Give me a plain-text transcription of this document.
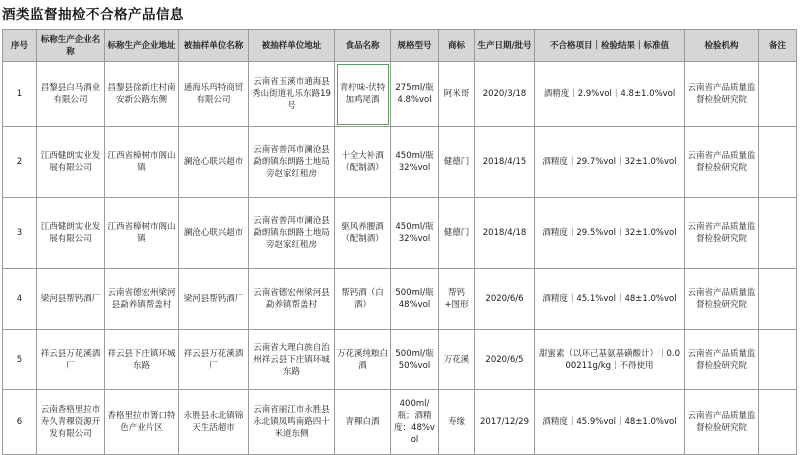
酒类监督抽检不合格产品信息
序号	标称生产企业名称	标称生产企业地址	被抽样单位名称	被抽样单位地址	食品名称	规格型号	商标	生产日期/批号	不合格项目｜检验结果｜标准值	检验机构	备注
1	昌黎县白马酒业有限公司	昌黎县徐新庄村南安新公路东侧	通海乐玛特商贸有限公司	云南省玉溪市通海县秀山街道礼乐东路19号	青柠味-伏特加鸡尾酒	275ml/瓶4.8%vol	阿米哥	2020/3/18	酒精度｜2.9%vol｜4.8±1.0%vol	云南省产品质量监督检验研究院	
2	江西健朗实业发展有限公司	江西省樟树市阁山镇	澜沧心联兴超市	云南省普洱市澜沧县勐朗镇东朗路土地局旁赵家红租房	十全大补酒（配制酒）	450ml/瓶32%vol	健德门	2018/4/15	酒精度｜29.7%vol｜32±1.0%vol	云南省产品质量监督检验研究院	
3	江西健朗实业发展有限公司	江西省樟树市阁山镇	澜沧心联兴超市	云南省普洱市澜沧县勐朗镇东朗路土地局旁赵家红租房	驱风养腰酒（配制酒）	450ml/瓶32%vol	健德门	2018/4/18	酒精度｜29.5%vol｜32±1.0%vol	云南省产品质量监督检验研究院	
4	梁河县帮钙酒厂	云南省德宏州梁河县勐养镇帮盖村	梁河县帮钙酒厂	云南省德宏州梁河县勐养镇帮盖村	帮钙酒（白酒）	500ml/瓶48%vol	帮钙+图形	2020/6/6	酒精度｜45.1%vol｜48±1.0%vol	云南省产品质量监督检验研究院	
5	祥云县万花溪酒厂	祥云县下庄镇环城东路	祥云县万花溪酒厂	云南省大理白族自治州祥云县下庄镇环城东路	万花溪纯粮白酒	500ml/瓶50%vol	万花溪	2020/6/5	甜蜜素（以环己基氨基磺酸计）｜0.000211g/kg｜不得使用	云南省产品质量监督检验研究院	
6	云南香格里拉市寿久青稞资源开发有限公司	香格里拉市箐口特色产业片区	永胜县永北镇锦天生活超市	云南省丽江市永胜县永北镇凤鸣南路四十米道东侧	青稞白酒	400ml/瓶；酒精度：48%vol	寿缘	2017/12/29	酒精度｜45.9%vol｜48±1.0%vol	云南省产品质量监督检验研究院	
